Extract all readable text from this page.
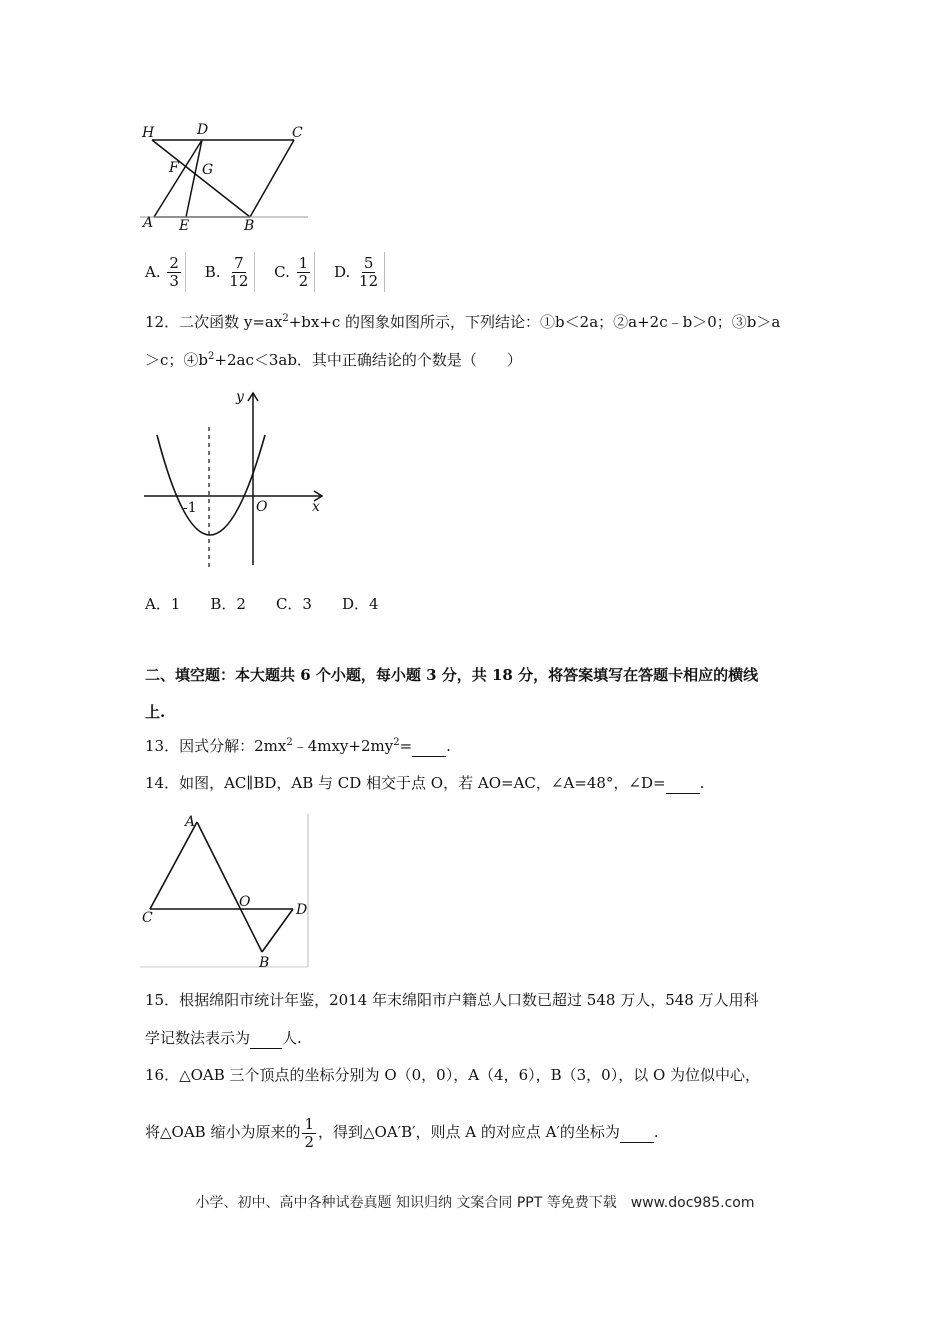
H	D	C
F G
A E	B
A.
$\frac{2}{3}$
B.
$\frac{7}{12}$
C.
$\frac{1}{2}$
D.
$\frac{5}{12}$
12．二次函数 $y=ax^2+bx+c$ 的图象如图所示，下列结论：①b＜2a；②a+2c﹣b＞0；③b＞a
＞c；$④b^2+2ac<3ab$．其中正确结论的个数是（　　）
y
x
O
-1
A．1　　B．2　　C．3　　D．4
二、填空题：本大题共 6 个小题，每小题 3 分，共 18 分，将答案填写在答题卡相应的横线
上.
13．因式分解：$2mx^2﹣4mxy+2my^2=$ .
14．如图，AC∥BD，AB 与 CD 相交于点 O，若 AO=AC，∠A=48°，∠D= .
A
O
C	D
B
15．根据绵阳市统计年鉴，2014 年末绵阳市户籍总人口数已超过 548 万人，548 万人用科
学记数法表示为 人.
16．△OAB 三个顶点的坐标分别为 O（0，0），A（4，6），B（3，0），以 O 为位似中心，
将△OAB 缩小为原来的 $\frac{1}{2}$ ，得到△OA′B′，则点 A 的对应点 A′的坐标为 .
小学、初中、高中各种试卷真题 知识归纳 文案合同 PPT 等免费下载　www.doc985.com
